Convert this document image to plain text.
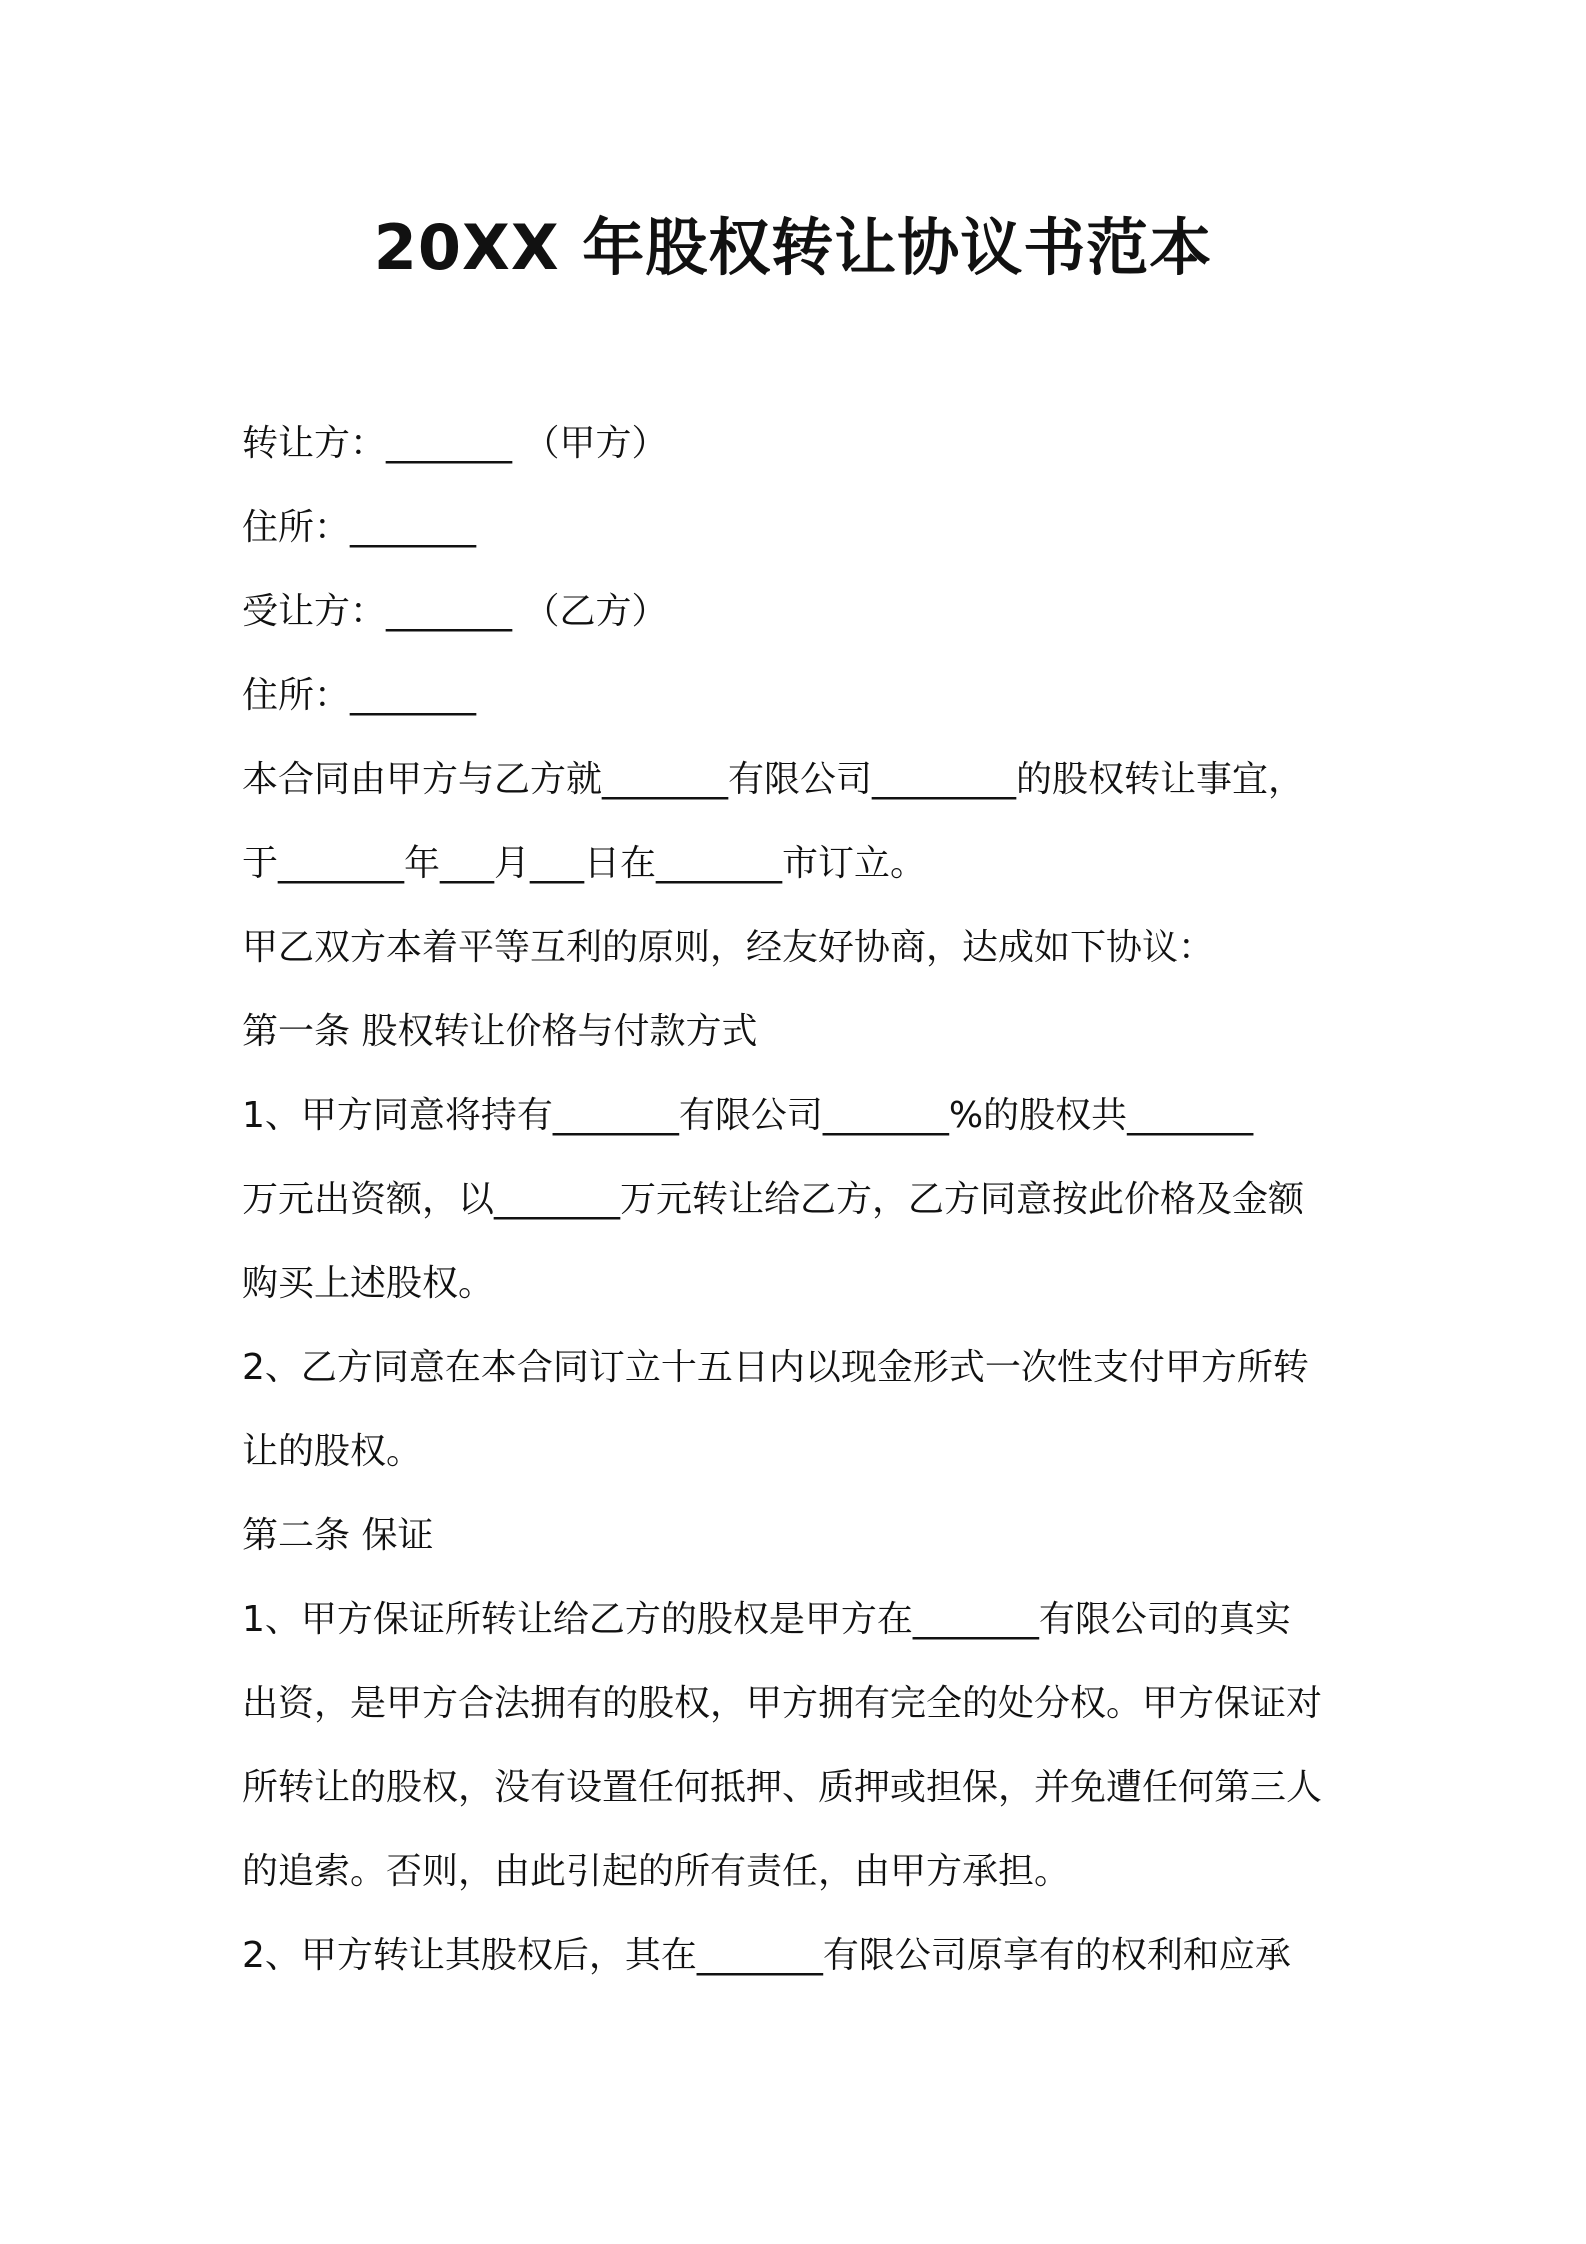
20XX 年股权转让协议书范本
转让方：_______ （甲方）
住所：_______
受让方：_______ （乙方）
住所：_______
本合同由甲方与乙方就_______有限公司________的股权转让事宜，
于_______年___月___日在_______市订立。
甲乙双方本着平等互利的原则，经友好协商，达成如下协议：
第一条 股权转让价格与付款方式
1、甲方同意将持有_______有限公司_______%的股权共_______
万元出资额，以_______万元转让给乙方，乙方同意按此价格及金额
购买上述股权。
2、乙方同意在本合同订立十五日内以现金形式一次性支付甲方所转
让的股权。
第二条 保证
1、甲方保证所转让给乙方的股权是甲方在_______有限公司的真实
出资，是甲方合法拥有的股权，甲方拥有完全的处分权。甲方保证对
所转让的股权，没有设置任何抵押、质押或担保，并免遭任何第三人
的追索。否则，由此引起的所有责任，由甲方承担。
2、甲方转让其股权后，其在_______有限公司原享有的权利和应承
